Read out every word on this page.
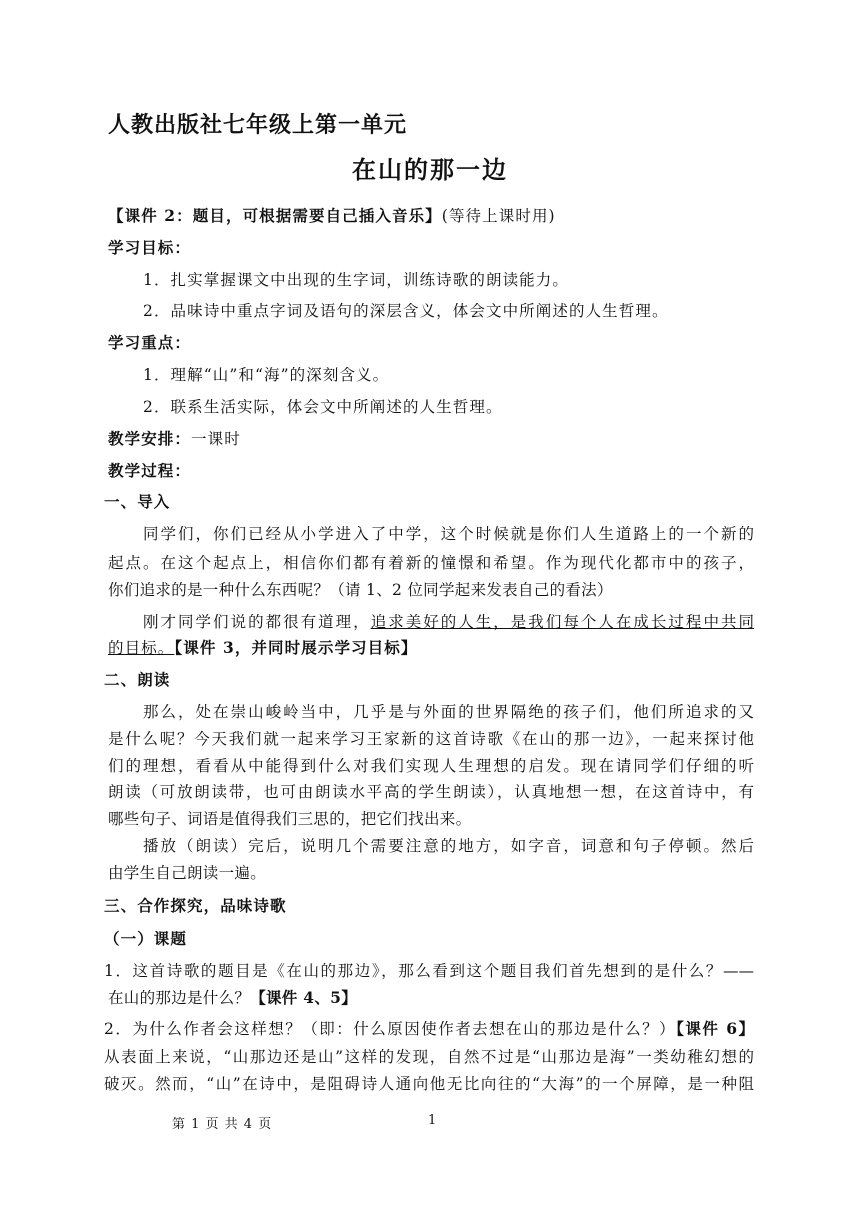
人教出版社七年级上第一单元
在山的那一边
【课件 2：题目，可根据需要自己插入音乐】(等待上课时用)
学习目标：
1．扎实掌握课文中出现的生字词，训练诗歌的朗读能力。
2．品味诗中重点字词及语句的深层含义，体会文中所阐述的人生哲理。
学习重点：
1．理解“山”和“海”的深刻含义。
2．联系生活实际，体会文中所阐述的人生哲理。
教学安排：一课时
教学过程：
一、导入
同学们，你们已经从小学进入了中学，这个时候就是你们人生道路上的一个新的
起点。在这个起点上，相信你们都有着新的憧憬和希望。作为现代化都市中的孩子，
你们追求的是一种什么东西呢？（请 1、2 位同学起来发表自己的看法）
刚才同学们说的都很有道理，追求美好的人生，是我们每个人在成长过程中共同
的目标。【课件 3，并同时展示学习目标】
二、朗读
那么，处在崇山峻岭当中，几乎是与外面的世界隔绝的孩子们，他们所追求的又
是什么呢？今天我们就一起来学习王家新的这首诗歌《在山的那一边》，一起来探讨他
们的理想，看看从中能得到什么对我们实现人生理想的启发。现在请同学们仔细的听
朗读（可放朗读带，也可由朗读水平高的学生朗读），认真地想一想，在这首诗中，有
哪些句子、词语是值得我们三思的，把它们找出来。
播放（朗读）完后，说明几个需要注意的地方，如字音，词意和句子停顿。然后
由学生自己朗读一遍。
三、合作探究，品味诗歌
（一）课题
1．这首诗歌的题目是《在山的那边》，那么看到这个题目我们首先想到的是什么？——
在山的那边是什么？【课件 4、5】
2．为什么作者会这样想？（即：什么原因使作者去想在山的那边是什么？）【课件 6】
从表面上来说，“山那边还是山”这样的发现，自然不过是“山那边是海”一类幼稚幻想的
破灭。然而，“山”在诗中，是阻碍诗人通向他无比向往的“大海”的一个屏障，是一种阻
第 1 页 共 4 页	1
